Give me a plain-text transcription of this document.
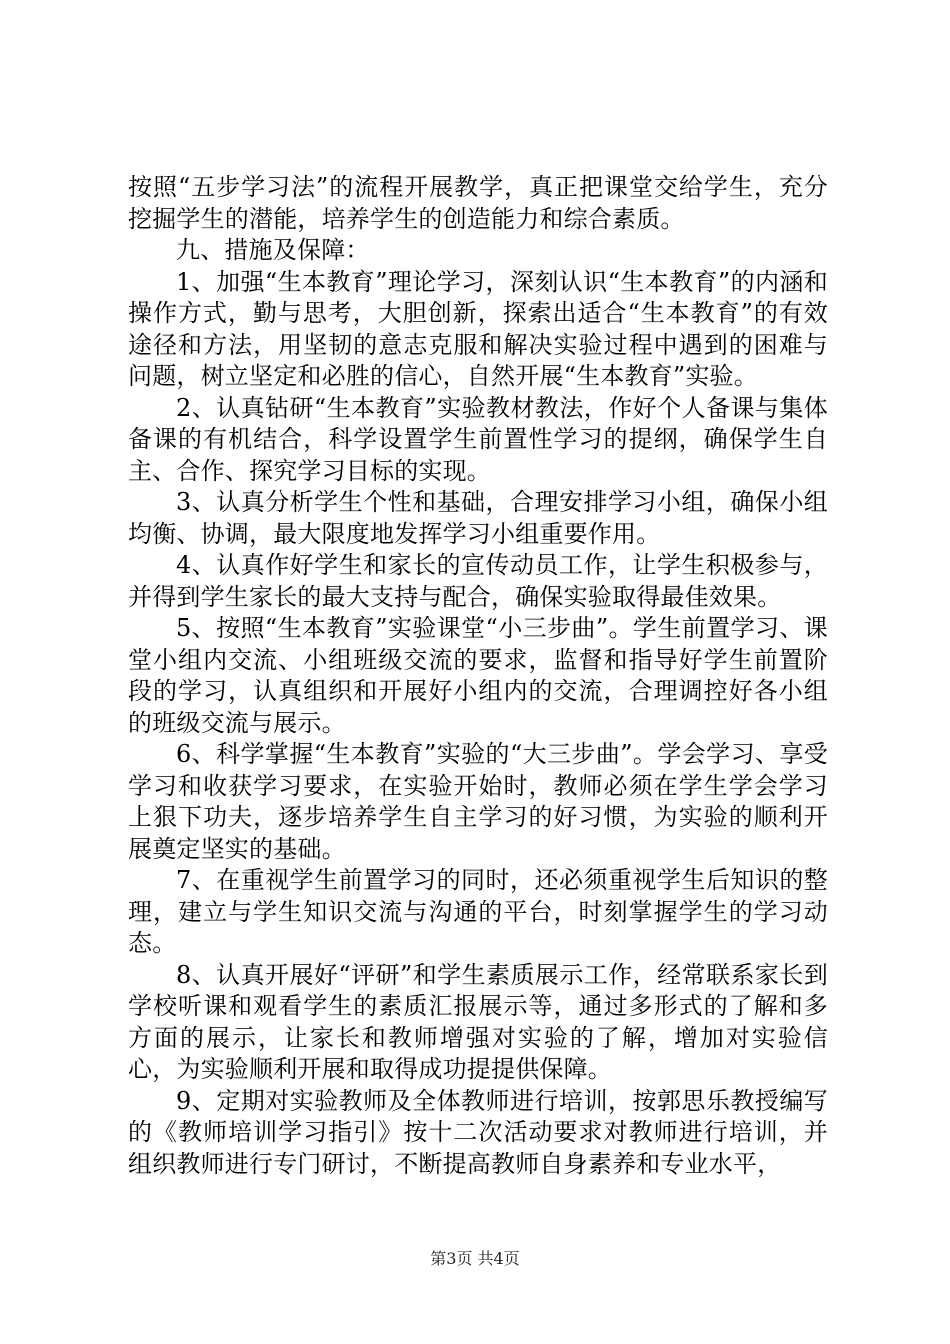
按照“五步学习法”的流程开展教学，真正把课堂交给学生，充分挖掘学生的潜能，培养学生的创造能力和综合素质。

九、措施及保障：

1、加强“生本教育”理论学习，深刻认识“生本教育”的内涵和操作方式，勤与思考，大胆创新，探索出适合“生本教育”的有效途径和方法，用坚韧的意志克服和解决实验过程中遇到的困难与问题，树立坚定和必胜的信心，自然开展“生本教育”实验。

2、认真钻研“生本教育”实验教材教法，作好个人备课与集体备课的有机结合，科学设置学生前置性学习的提纲，确保学生自主、合作、探究学习目标的实现。

3、认真分析学生个性和基础，合理安排学习小组，确保小组均衡、协调，最大限度地发挥学习小组重要作用。

4、认真作好学生和家长的宣传动员工作，让学生积极参与，并得到学生家长的最大支持与配合，确保实验取得最佳效果。

5、按照“生本教育”实验课堂“小三步曲”。学生前置学习、课堂小组内交流、小组班级交流的要求，监督和指导好学生前置阶段的学习，认真组织和开展好小组内的交流，合理调控好各小组的班级交流与展示。

6、科学掌握“生本教育”实验的“大三步曲”。学会学习、享受学习和收获学习要求，在实验开始时，教师必须在学生学会学习上狠下功夫，逐步培养学生自主学习的好习惯，为实验的顺利开展奠定坚实的基础。

7、在重视学生前置学习的同时，还必须重视学生后知识的整理，建立与学生知识交流与沟通的平台，时刻掌握学生的学习动态。

8、认真开展好“评研”和学生素质展示工作，经常联系家长到学校听课和观看学生的素质汇报展示等，通过多形式的了解和多方面的展示，让家长和教师增强对实验的了解，增加对实验信心，为实验顺利开展和取得成功提提供保障。

9、定期对实验教师及全体教师进行培训，按郭思乐教授编写的《教师培训学习指引》按十二次活动要求对教师进行培训，并组织教师进行专门研讨，不断提高教师自身素养和专业水平，

第3页 共4页
